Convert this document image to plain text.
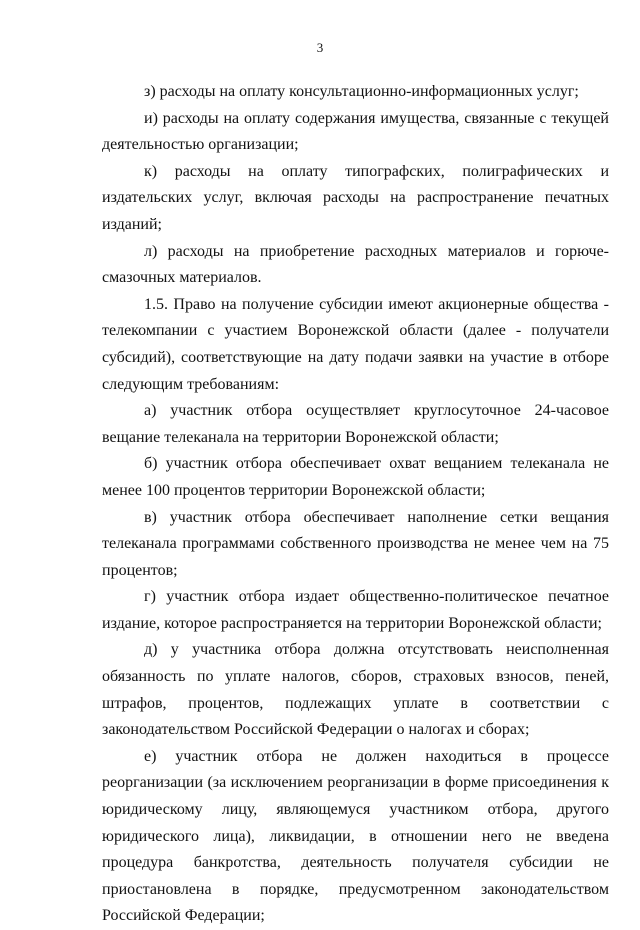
3

з) расходы на оплату консультационно-информационных услуг;

и) расходы на оплату содержания имущества, связанные с текущей деятельностью организации;

к) расходы на оплату типографских, полиграфических и издательских услуг, включая расходы на распространение печатных изданий;

л) расходы на приобретение расходных материалов и горюче-смазочных материалов.

1.5. Право на получение субсидии имеют акционерные общества - телекомпании с участием Воронежской области (далее - получатели субсидий), соответствующие на дату подачи заявки на участие в отборе следующим требованиям:

а) участник отбора осуществляет круглосуточное 24-часовое вещание телеканала на территории Воронежской области;

б) участник отбора обеспечивает охват вещанием телеканала не менее 100 процентов территории Воронежской области;

в) участник отбора обеспечивает наполнение сетки вещания телеканала программами собственного производства не менее чем на 75 процентов;

г) участник отбора издает общественно-политическое печатное издание, которое распространяется на территории Воронежской области;

д) у участника отбора должна отсутствовать неисполненная обязанность по уплате налогов, сборов, страховых взносов, пеней, штрафов, процентов, подлежащих уплате в соответствии с законодательством Российской Федерации о налогах и сборах;

е) участник отбора не должен находиться в процессе реорганизации (за исключением реорганизации в форме присоединения к юридическому лицу, являющемуся участником отбора, другого юридического лица), ликвидации, в отношении него не введена процедура банкротства, деятельность получателя субсидии не приостановлена в порядке, предусмотренном законодательством Российской Федерации;
